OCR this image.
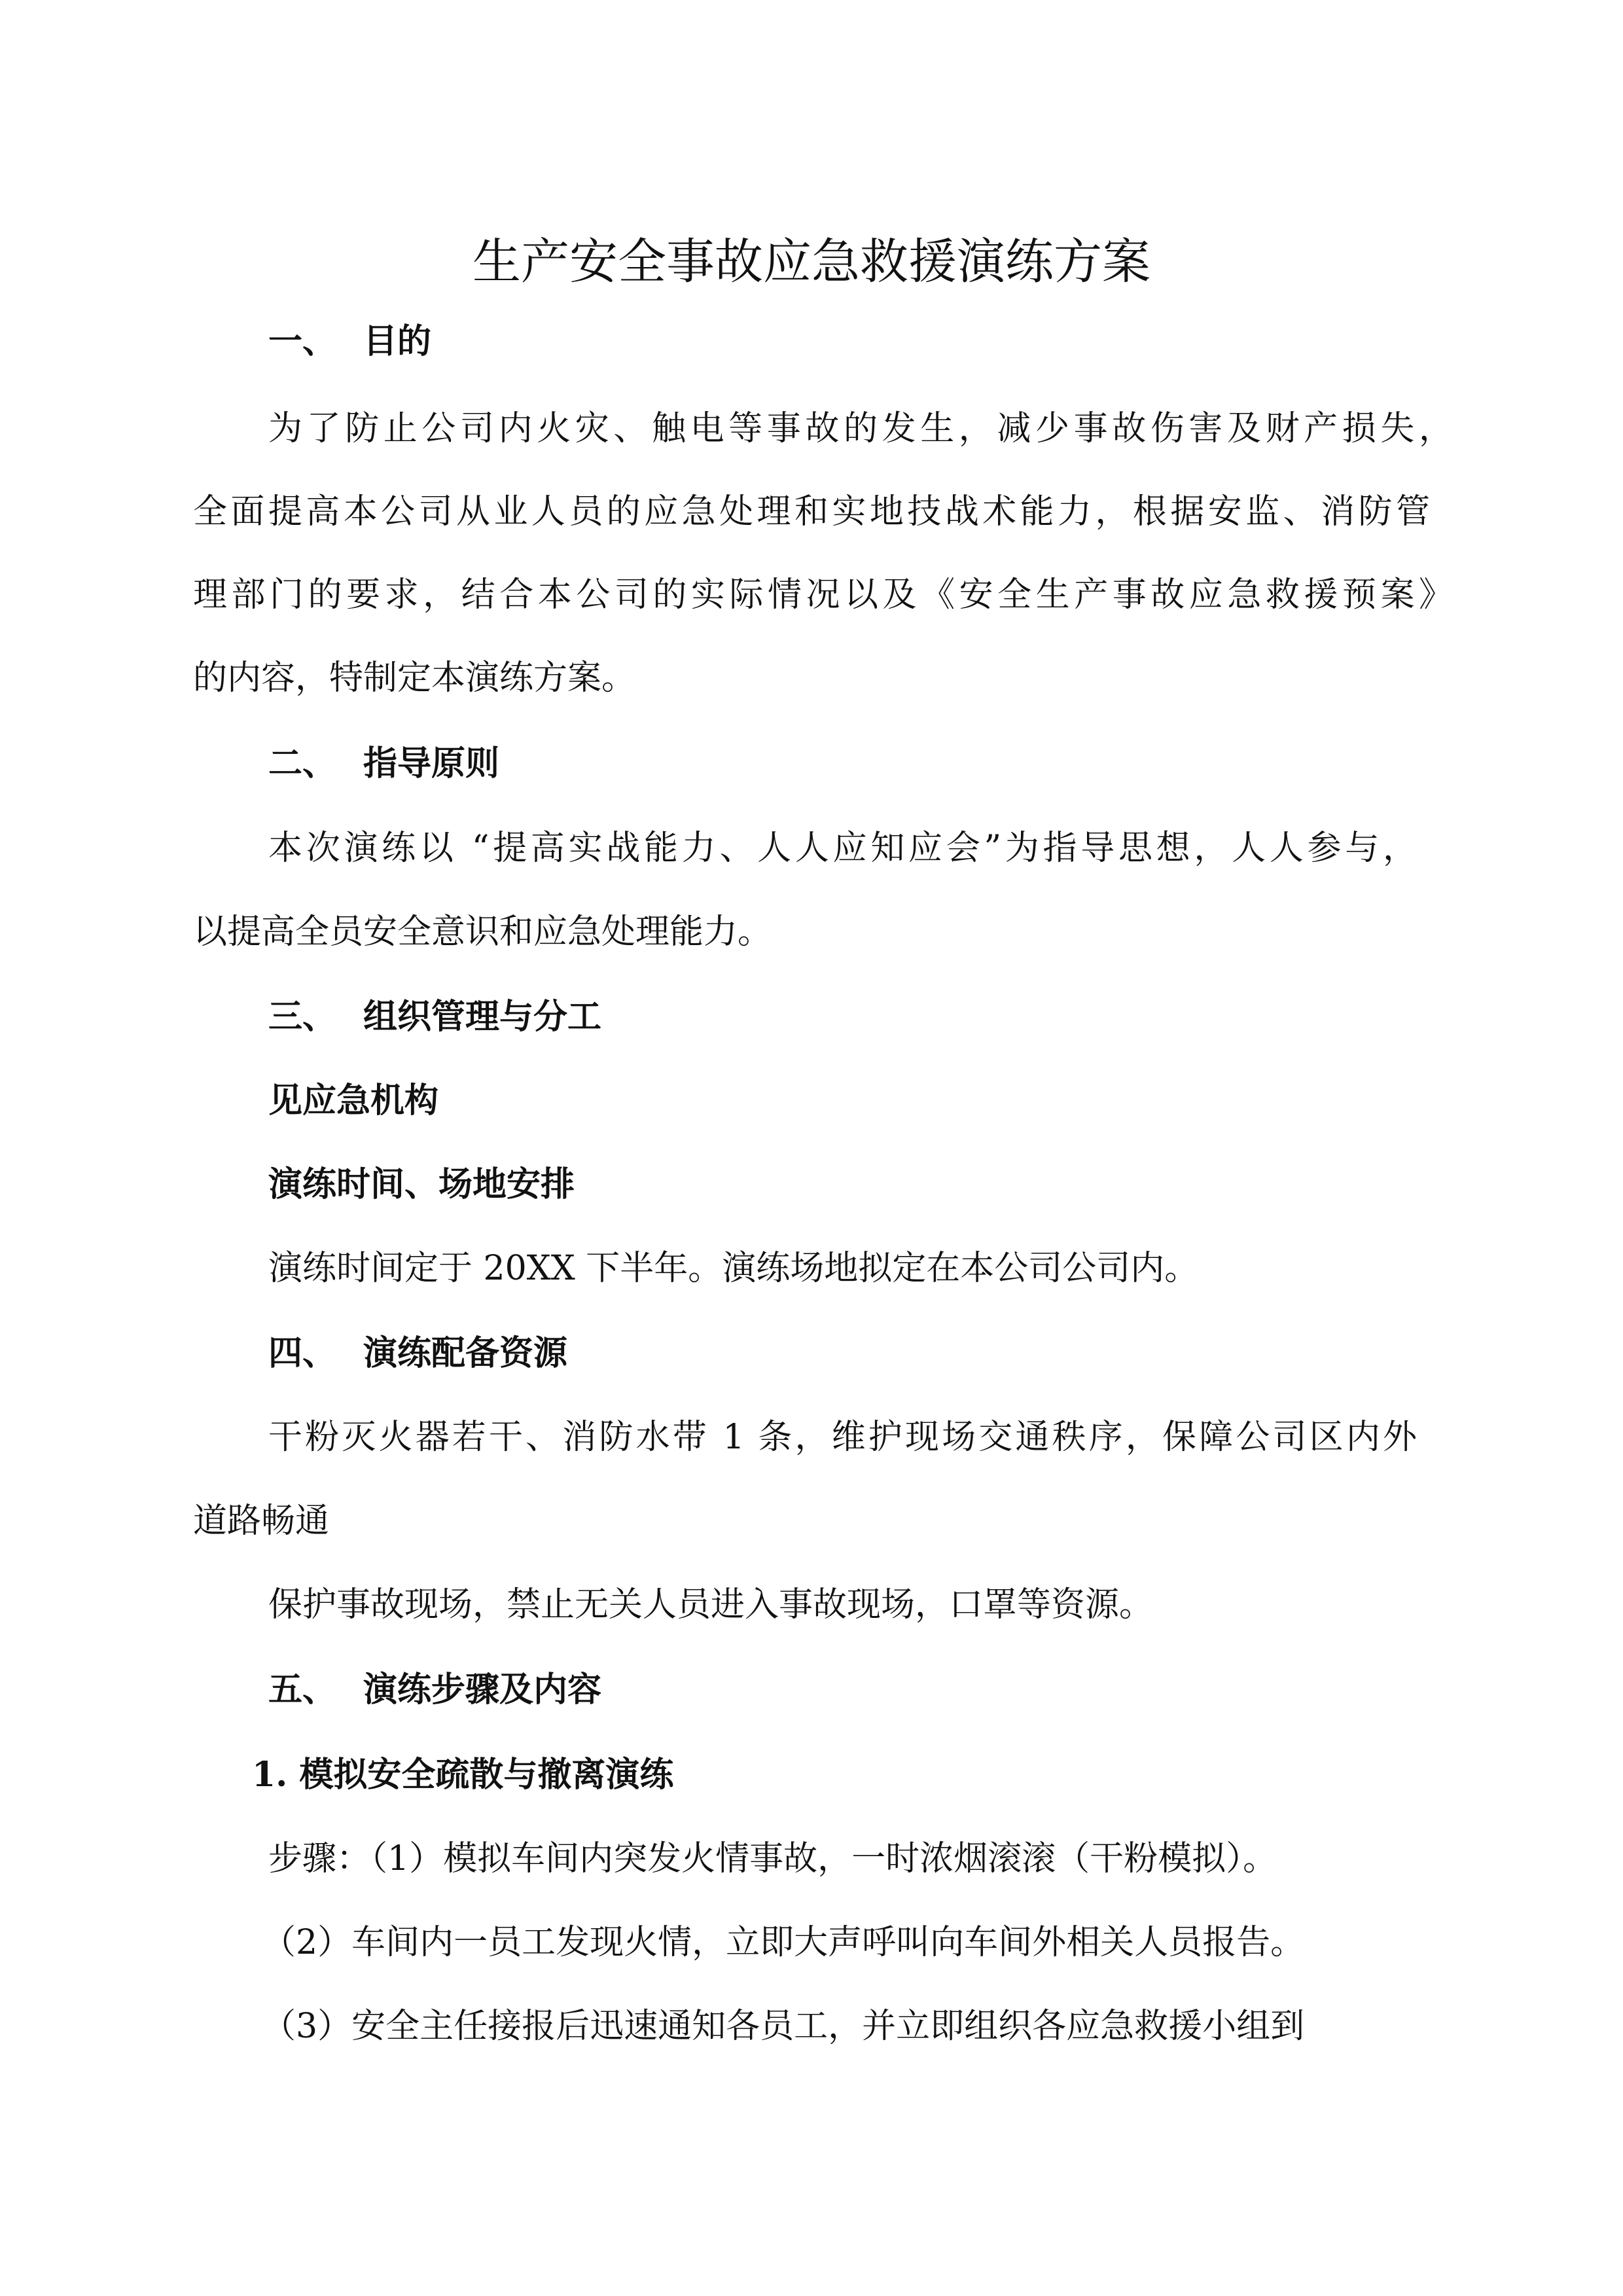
生产安全事故应急救援演练方案
一、 目的
为了防止公司内火灾、触电等事故的发生，减少事故伤害及财产损失，
全面提高本公司从业人员的应急处理和实地技战术能力，根据安监、消防管
理部门的要求，结合本公司的实际情况以及《安全生产事故应急救援预案》
的内容，特制定本演练方案。
二、 指导原则
本次演练以 “提高实战能力、人人应知应会”为指导思想，人人参与，
以提高全员安全意识和应急处理能力。
三、 组织管理与分工
见应急机构
演练时间、场地安排
演练时间定于 20XX 下半年。演练场地拟定在本公司公司内。
四、 演练配备资源
干粉灭火器若干、消防水带 1 条，维护现场交通秩序，保障公司区内外
道路畅通
保护事故现场，禁止无关人员进入事故现场，口罩等资源。
五、 演练步骤及内容
1. 模拟安全疏散与撤离演练
步骤：（1）模拟车间内突发火情事故，一时浓烟滚滚（干粉模拟）。
（2）车间内一员工发现火情，立即大声呼叫向车间外相关人员报告。
（3）安全主任接报后迅速通知各员工，并立即组织各应急救援小组到
